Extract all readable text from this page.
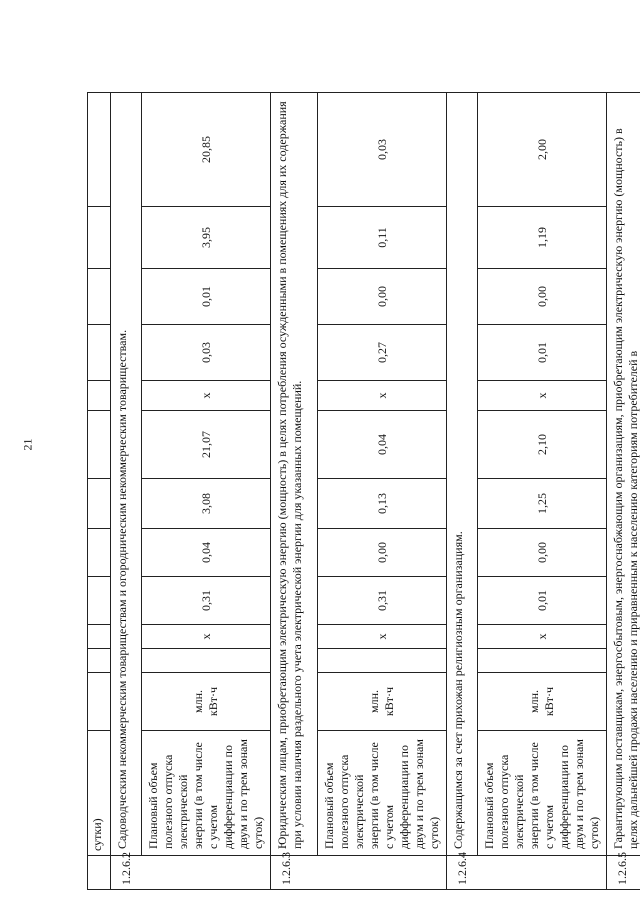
21
	сутки)												
1.2.6.2	Садоводческим некоммерческим товариществам и огородническим некоммерческим товариществам.												
	Плановый объем полезного отпуска электрической энергии (в том числе с учетом дифференциации по двум и по трем зонам суток)	млн. кВт·ч		х	0,31	0,04	3,08	21,07	х	0,03	0,01	3,95	20,85
1.2.6.3	Юридическим лицам, приобретающим электрическую энергию (мощность) в целях потребления осужденными в помещениях для их содержания при условии наличия раздельного учета электрической энергии для указанных помещений.												
	Плановый объем полезного отпуска электрической энергии (в том числе с учетом дифференциации по двум и по трем зонам суток)	млн. кВт·ч		х	0,31	0,00	0,13	0,04	х	0,27	0,00	0,11	0,03
1.2.6.4	Содержащимся за счет прихожан религиозным организациям.												
	Плановый объем полезного отпуска электрической энергии (в том числе с учетом дифференциации по двум и по трем зонам суток)	млн. кВт·ч		х	0,01	0,00	1,25	2,10	х	0,01	0,00	1,19	2,00
1.2.6.5	Гарантирующим поставщикам, энергосбытовым, энергоснабжающим организациям, приобретающим электрическую энергию (мощность) в целях дальнейшей продажи населению и приравненным к населению категориям потребителей в												
